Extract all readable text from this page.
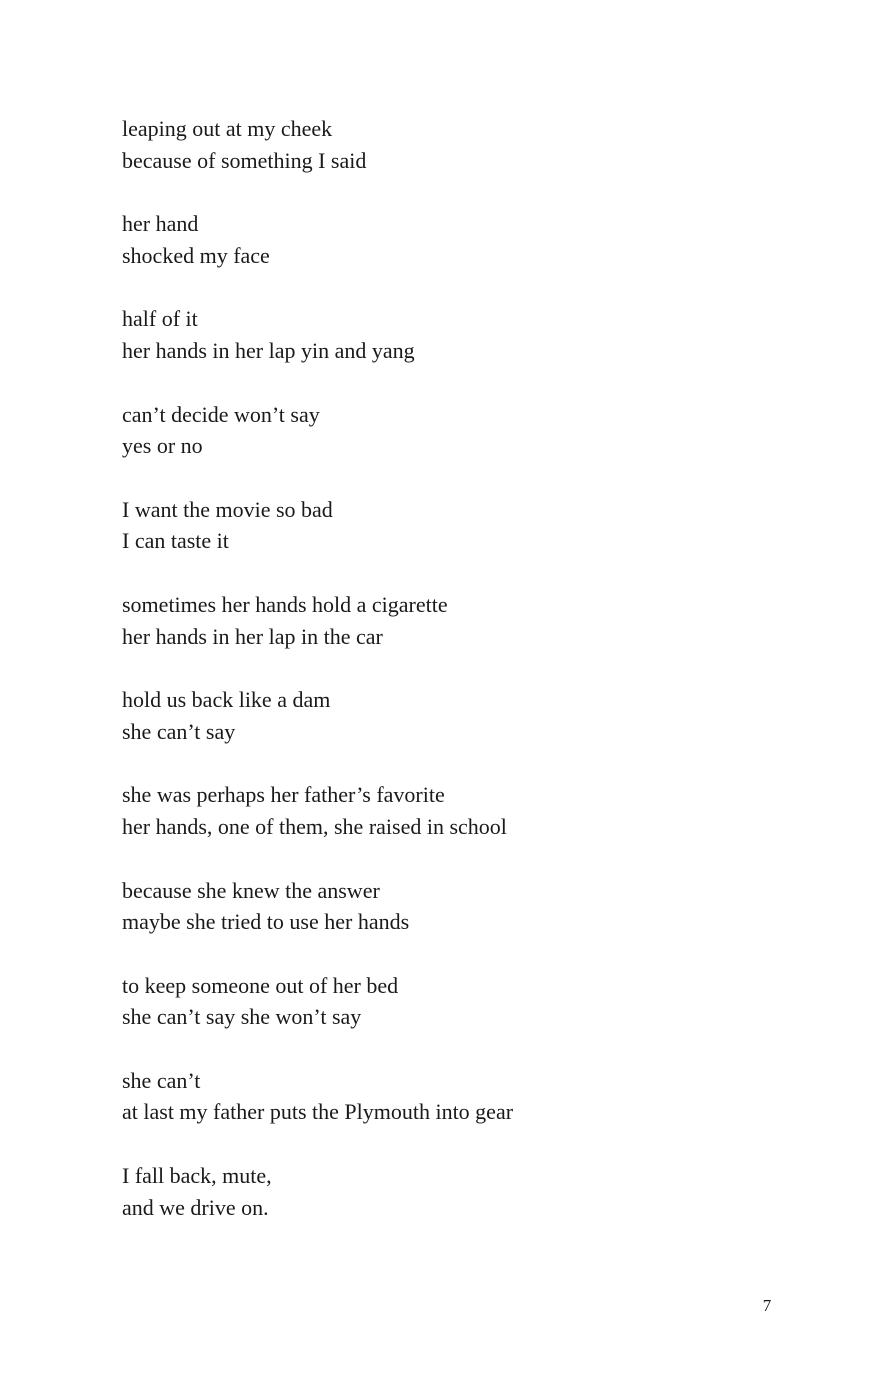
leaping out at my cheek
because of something I said
her hand
shocked my face
half of it
her hands in her lap yin and yang
can’t decide won’t say
yes or no
I want the movie so bad
I can taste it
sometimes her hands hold a cigarette
her hands in her lap in the car
hold us back like a dam
she can’t say
she was perhaps her father’s favorite
her hands, one of them, she raised in school
because she knew the answer
maybe she tried to use her hands
to keep someone out of her bed
she can’t say she won’t say
she can’t
at last my father puts the Plymouth into gear
I fall back, mute,
and we drive on.
7
